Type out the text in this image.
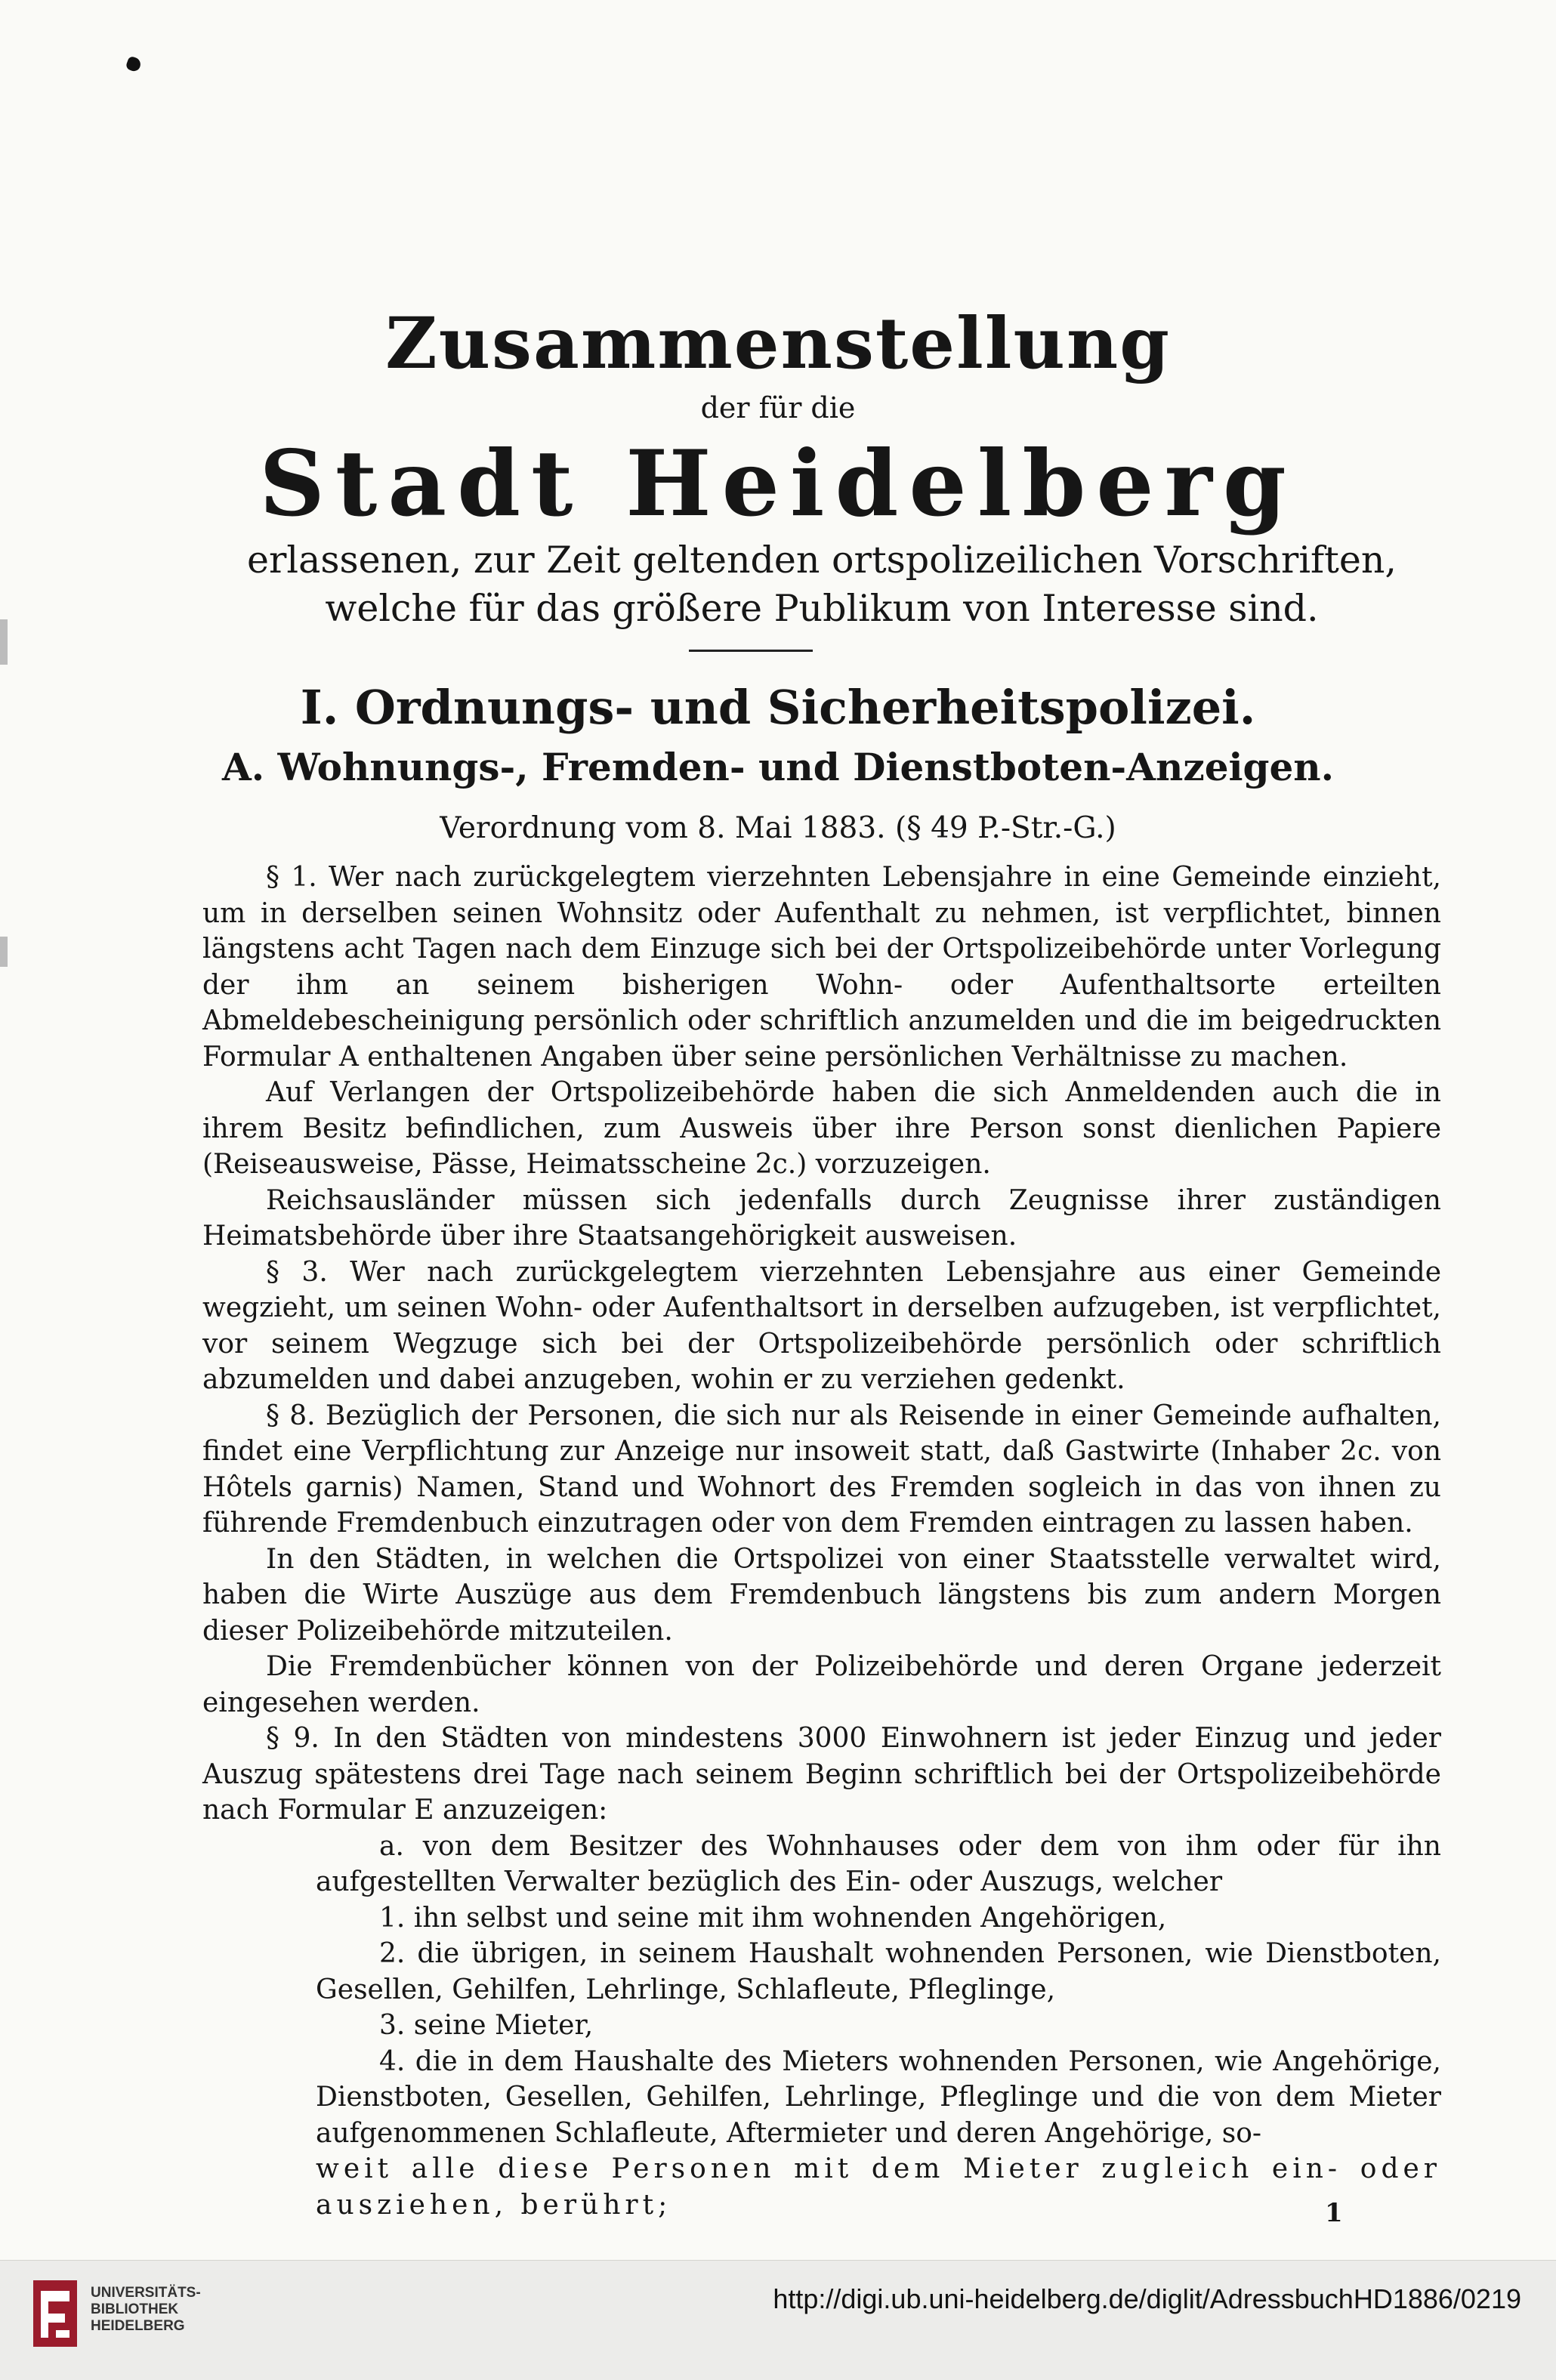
Zusammenstellung
der für die
Stadt Heidelberg
erlassenen, zur Zeit geltenden ortspolizeilichen Vorschriften, welche für das größere Publikum von Interesse sind.
I. Ordnungs- und Sicherheitspolizei.
A. Wohnungs-, Fremden- und Dienstboten-Anzeigen.
Verordnung vom 8. Mai 1883. (§ 49 P.-Str.-G.)

§ 1. Wer nach zurückgelegtem vierzehnten Lebensjahre in eine Gemeinde einzieht, um in derselben seinen Wohnsitz oder Aufenthalt zu nehmen, ist verpflichtet, binnen längstens acht Tagen nach dem Einzuge sich bei der Ortspolizeibehörde unter Vorlegung der ihm an seinem bisherigen Wohn- oder Aufenthaltsorte erteilten Abmeldebescheinigung persönlich oder schriftlich anzumelden und die im beigedruckten Formular A enthaltenen Angaben über seine persönlichen Verhältnisse zu machen.

Auf Verlangen der Ortspolizeibehörde haben die sich Anmeldenden auch die in ihrem Besitz befindlichen, zum Ausweis über ihre Person sonst dienlichen Papiere (Reiseausweise, Pässe, Heimatsscheine 2c.) vorzuzeigen.

Reichsausländer müssen sich jedenfalls durch Zeugnisse ihrer zuständigen Heimatsbehörde über ihre Staatsangehörigkeit ausweisen.

§ 3. Wer nach zurückgelegtem vierzehnten Lebensjahre aus einer Gemeinde wegzieht, um seinen Wohn- oder Aufenthaltsort in derselben aufzugeben, ist verpflichtet, vor seinem Wegzuge sich bei der Ortspolizeibehörde persönlich oder schriftlich abzumelden und dabei anzugeben, wohin er zu verziehen gedenkt.

§ 8. Bezüglich der Personen, die sich nur als Reisende in einer Gemeinde aufhalten, findet eine Verpflichtung zur Anzeige nur insoweit statt, daß Gastwirte (Inhaber 2c. von Hôtels garnis) Namen, Stand und Wohnort des Fremden sogleich in das von ihnen zu führende Fremdenbuch einzutragen oder von dem Fremden eintragen zu lassen haben.

In den Städten, in welchen die Ortspolizei von einer Staatsstelle verwaltet wird, haben die Wirte Auszüge aus dem Fremdenbuch längstens bis zum andern Morgen dieser Polizeibehörde mitzuteilen.

Die Fremdenbücher können von der Polizeibehörde und deren Organe jederzeit eingesehen werden.

§ 9. In den Städten von mindestens 3000 Einwohnern ist jeder Einzug und jeder Auszug spätestens drei Tage nach seinem Beginn schriftlich bei der Ortspolizeibehörde nach Formular E anzuzeigen:

a. von dem Besitzer des Wohnhauses oder dem von ihm oder für ihn aufgestellten Verwalter bezüglich des Ein- oder Auszugs, welcher

1. ihn selbst und seine mit ihm wohnenden Angehörigen,

2. die übrigen, in seinem Haushalt wohnenden Personen, wie Dienstboten, Gesellen, Gehilfen, Lehrlinge, Schlafleute, Pfleglinge,

3. seine Mieter,

4. die in dem Haushalte des Mieters wohnenden Personen, wie Angehörige, Dienstboten, Gesellen, Gehilfen, Lehrlinge, Pfleglinge und die von dem Mieter aufgenommenen Schlafleute, Aftermieter und deren Angehörige, so-

weit alle diese Personen mit dem Mieter zugleich ein- oder ausziehen, berührt;	1
UNIVERSITÄTS-
BIBLIOTHEK
HEIDELBERG
http://digi.ub.uni-heidelberg.de/diglit/AdressbuchHD1886/0219
